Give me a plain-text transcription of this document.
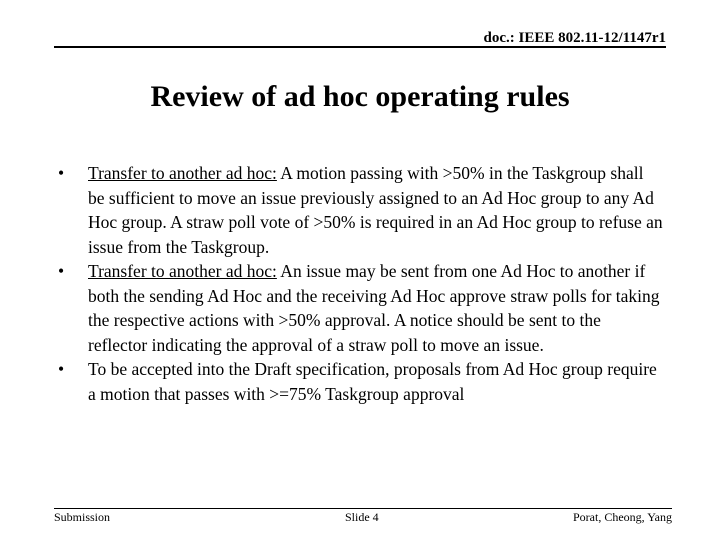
doc.: IEEE 802.11-12/1147r1
Review of ad hoc operating rules
• Transfer to another ad hoc: A motion passing with >50% in the Taskgroup shall be sufficient to move an issue previously assigned to an Ad Hoc group to any Ad Hoc group. A straw poll vote of >50% is required in an Ad Hoc group to refuse an issue from the Taskgroup.
• Transfer to another ad hoc: An issue may be sent from one Ad Hoc to another if both the sending Ad Hoc and the receiving Ad Hoc approve straw polls for taking the respective actions with >50% approval. A notice should be sent to the reflector indicating the approval of a straw poll to move an issue.
• To be accepted into the Draft specification, proposals from Ad Hoc group require a motion that passes with >=75% Taskgroup approval
Submission	Slide 4	Porat, Cheong, Yang
